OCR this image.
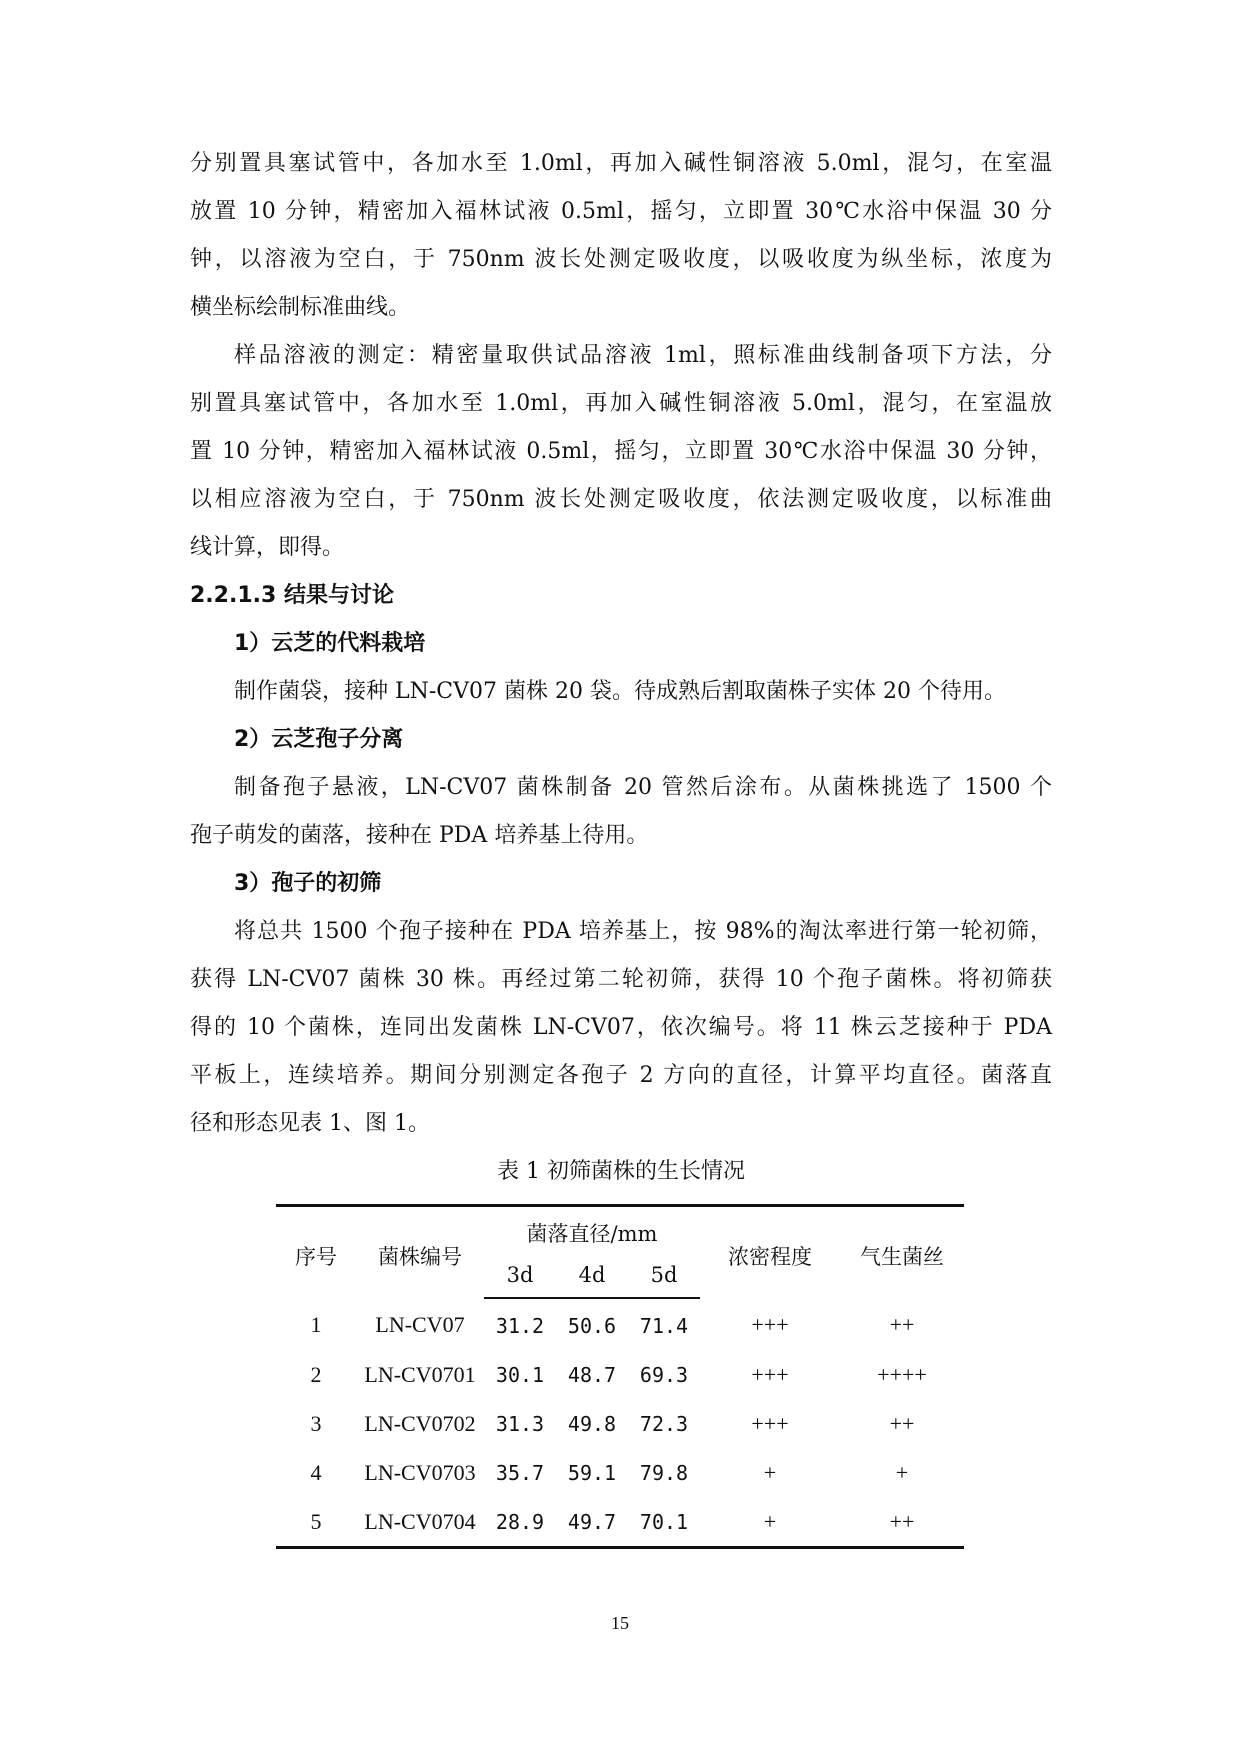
分别置具塞试管中，各加水至 1.0ml，再加入碱性铜溶液 5.0ml，混匀，在室温

放置 10 分钟，精密加入福林试液 0.5ml，摇匀，立即置 30℃水浴中保温 30 分

钟，以溶液为空白，于 750nm 波长处测定吸收度，以吸收度为纵坐标，浓度为

横坐标绘制标准曲线。

样品溶液的测定：精密量取供试品溶液 1ml，照标准曲线制备项下方法，分

别置具塞试管中，各加水至 1.0ml，再加入碱性铜溶液 5.0ml，混匀，在室温放

置 10 分钟，精密加入福林试液 0.5ml，摇匀，立即置 30℃水浴中保温 30 分钟，

以相应溶液为空白，于 750nm 波长处测定吸收度，依法测定吸收度，以标准曲

线计算，即得。

2.2.1.3 结果与讨论
1）云芝的代料栽培

制作菌袋，接种 LN-CV07 菌株 20 袋。待成熟后割取菌株子实体 20 个待用。

2）云芝孢子分离

制备孢子悬液，LN-CV07 菌株制备 20 管然后涂布。从菌株挑选了 1500 个

孢子萌发的菌落，接种在 PDA 培养基上待用。

3）孢子的初筛

将总共 1500 个孢子接种在 PDA 培养基上，按 98%的淘汰率进行第一轮初筛，

获得 LN-CV07 菌株 30 株。再经过第二轮初筛，获得 10 个孢子菌株。将初筛获

得的 10 个菌株，连同出发菌株 LN-CV07，依次编号。将 11 株云芝接种于 PDA

平板上，连续培养。期间分别测定各孢子 2 方向的直径，计算平均直径。菌落直

径和形态见表 1、图 1。

表 1 初筛菌株的生长情况
序号	菌株编号	菌落直径/mm			浓密程度	气生菌丝
		3d	4d	5d		
1	LN-CV07	31.2	50.6	71.4	+++	++
2	LN-CV0701	30.1	48.7	69.3	+++	++++
3	LN-CV0702	31.3	49.8	72.3	+++	++
4	LN-CV0703	35.7	59.1	79.8	+	+
5	LN-CV0704	28.9	49.7	70.1	+	++
15
